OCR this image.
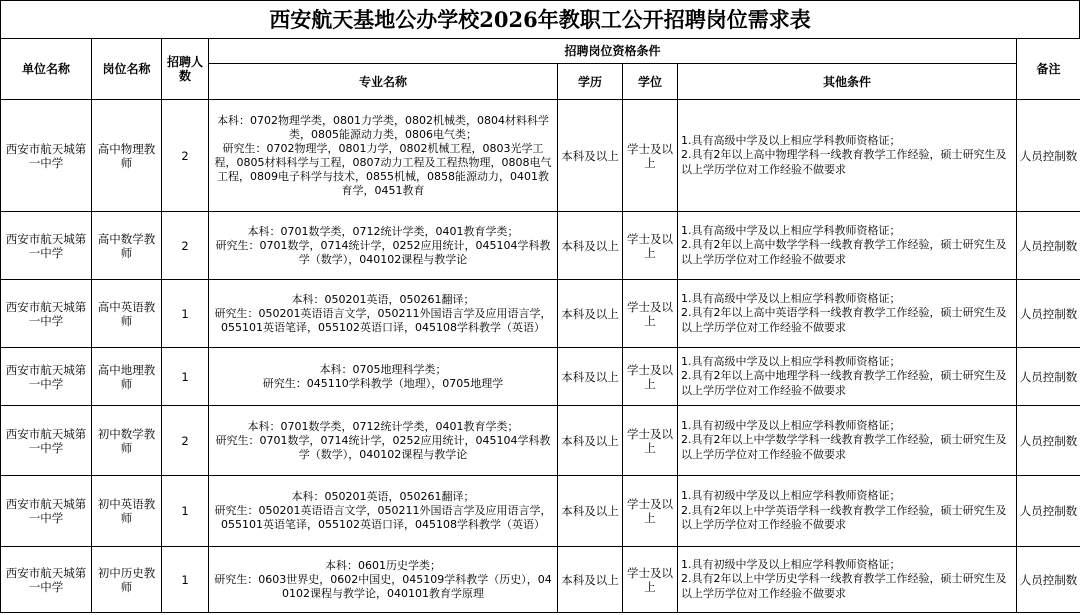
西安航天基地公办学校2026年教职工公开招聘岗位需求表
单位名称	岗位名称	招聘人数	招聘岗位资格条件				备注
			专业名称	学历	学位	其他条件	
西安市航天城第一中学	高中物理教师	2	本科：0702物理学类，0801力学类，0802机械类，0804材料科学类，0805能源动力类，0806电气类；
研究生：0702物理学，0801力学，0802机械工程，0803光学工程，0805材料科学与工程，0807动力工程及工程热物理，0808电气工程，0809电子科学与技术，0855机械，0858能源动力，0401教育学，0451教育	本科及以上	学士及以上	1.具有高级中学及以上相应学科教师资格证；
2.具有2年以上高中物理学科一线教育教学工作经验，硕士研究生及以上学历学位对工作经验不做要求	人员控制数
西安市航天城第一中学	高中数学教师	2	本科：0701数学类，0712统计学类，0401教育学类；
研究生：0701数学，0714统计学，0252应用统计，045104学科教学（数学），040102课程与教学论	本科及以上	学士及以上	1.具有高级中学及以上相应学科教师资格证；
2.具有2年以上高中数学学科一线教育教学工作经验，硕士研究生及以上学历学位对工作经验不做要求	人员控制数
西安市航天城第一中学	高中英语教师	1	本科：050201英语，050261翻译；
研究生：050201英语语言文学，050211外国语言学及应用语言学，055101英语笔译，055102英语口译，045108学科教学（英语）	本科及以上	学士及以上	1.具有高级中学及以上相应学科教师资格证；
2.具有2年以上高中英语学科一线教育教学工作经验，硕士研究生及以上学历学位对工作经验不做要求	人员控制数
西安市航天城第一中学	高中地理教师	1	本科：0705地理科学类；
研究生：045110学科教学（地理），0705地理学	本科及以上	学士及以上	1.具有高级中学及以上相应学科教师资格证；
2.具有2年以上高中地理学科一线教育教学工作经验，硕士研究生及以上学历学位对工作经验不做要求	人员控制数
西安市航天城第一中学	初中数学教师	2	本科：0701数学类，0712统计学类，0401教育学类；
研究生：0701数学，0714统计学，0252应用统计，045104学科教学（数学），040102课程与教学论	本科及以上	学士及以上	1.具有初级中学及以上相应学科教师资格证；
2.具有2年以上中学数学学科一线教育教学工作经验，硕士研究生及以上学历学位对工作经验不做要求	人员控制数
西安市航天城第一中学	初中英语教师	1	本科：050201英语，050261翻译；
研究生：050201英语语言文学，050211外国语言学及应用语言学，055101英语笔译，055102英语口译，045108学科教学（英语）	本科及以上	学士及以上	1.具有初级中学及以上相应学科教师资格证；
2.具有2年以上中学英语学科一线教育教学工作经验，硕士研究生及以上学历学位对工作经验不做要求	人员控制数
西安市航天城第一中学	初中历史教师	1	本科：0601历史学类；
研究生：0603世界史，0602中国史，045109学科教学（历史），040102课程与教学论，040101教育学原理	本科及以上	学士及以上	1.具有初级中学及以上相应学科教师资格证；
2.具有2年以上中学历史学科一线教育教学工作经验，硕士研究生及以上学历学位对工作经验不做要求	人员控制数
